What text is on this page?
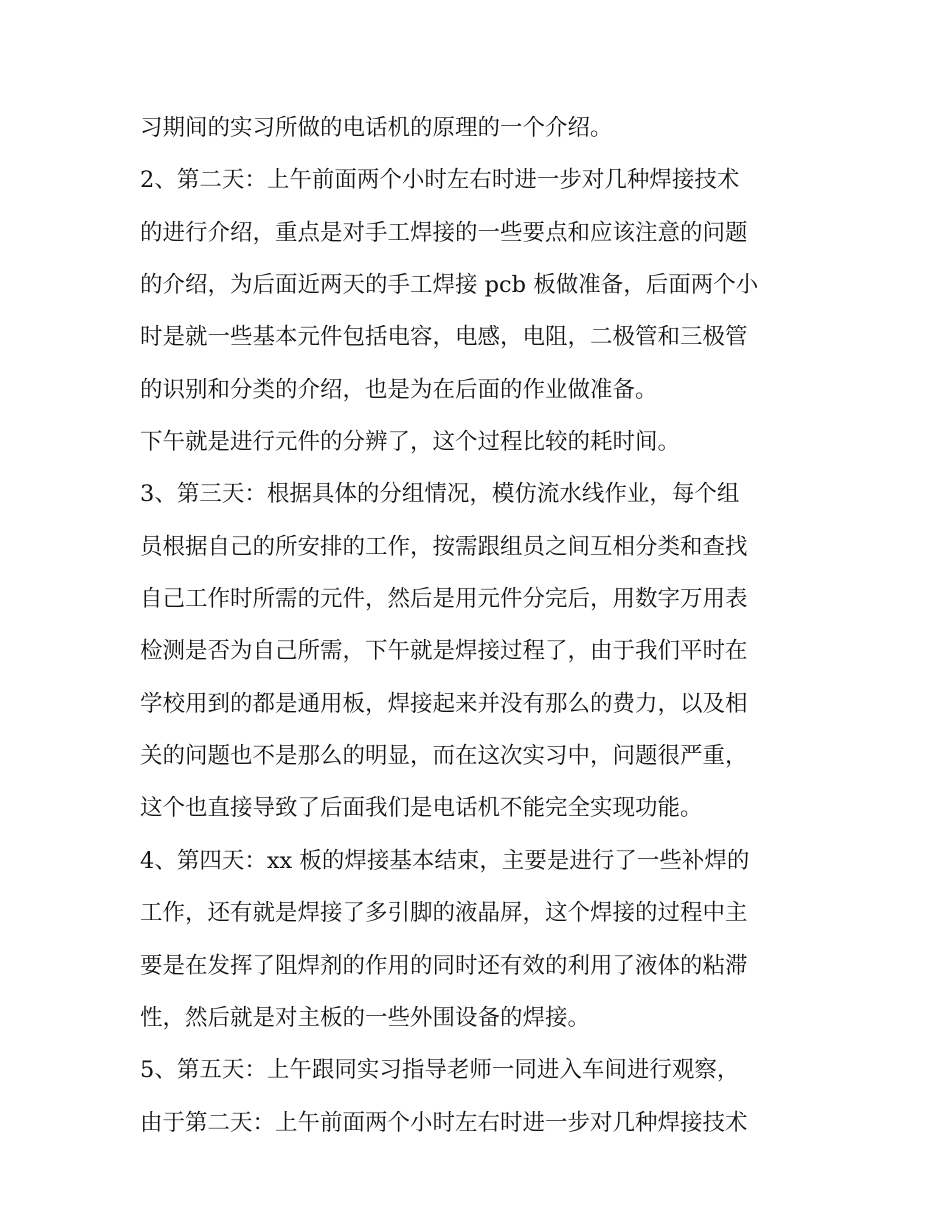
习期间的实习所做的电话机的原理的一个介绍。
2、第二天：上午前面两个小时左右时进一步对几种焊接技术
的进行介绍，重点是对手工焊接的一些要点和应该注意的问题
的介绍，为后面近两天的手工焊接 pcb 板做准备，后面两个小
时是就一些基本元件包括电容，电感，电阻，二极管和三极管
的识别和分类的介绍，也是为在后面的作业做准备。
下午就是进行元件的分辨了，这个过程比较的耗时间。
3、第三天：根据具体的分组情况，模仿流水线作业，每个组
员根据自己的所安排的工作，按需跟组员之间互相分类和查找
自己工作时所需的元件，然后是用元件分完后，用数字万用表
检测是否为自己所需，下午就是焊接过程了，由于我们平时在
学校用到的都是通用板，焊接起来并没有那么的费力，以及相
关的问题也不是那么的明显，而在这次实习中，问题很严重，
这个也直接导致了后面我们是电话机不能完全实现功能。
4、第四天：xx 板的焊接基本结束，主要是进行了一些补焊的
工作，还有就是焊接了多引脚的液晶屏，这个焊接的过程中主
要是在发挥了阻焊剂的作用的同时还有效的利用了液体的粘滞
性，然后就是对主板的一些外围设备的焊接。
5、第五天：上午跟同实习指导老师一同进入车间进行观察，
由于第二天：上午前面两个小时左右时进一步对几种焊接技术
